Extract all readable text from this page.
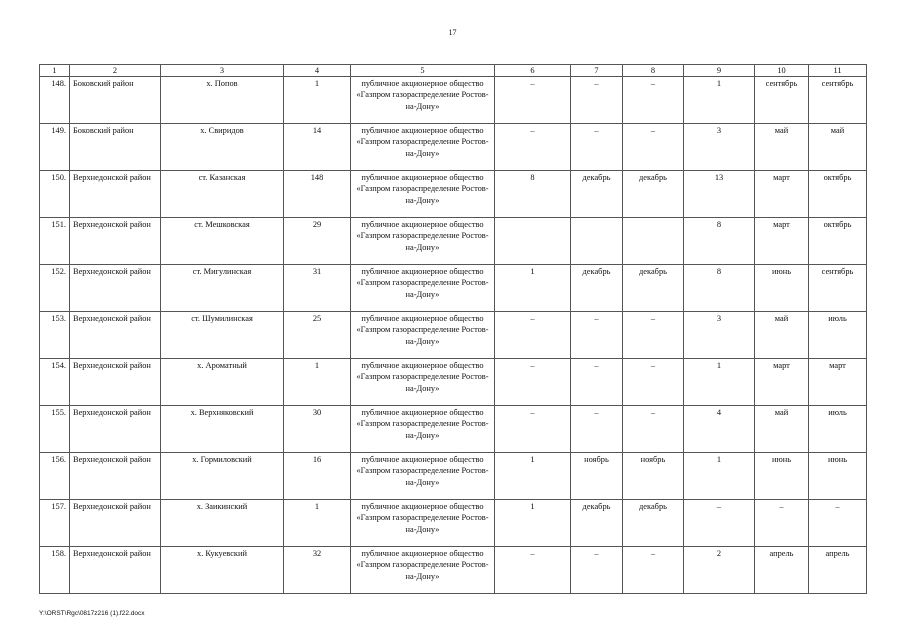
17
1	2	3	4	5	6	7	8	9	10	11
148.	Боковский район	х. Попов	1	публичное акционерное общество «Газпром газораспределение Ростов-на-Дону»	–	–	–	1	сентябрь	сентябрь
149.	Боковский район	х. Свиридов	14	публичное акционерное общество «Газпром газораспределение Ростов-на-Дону»	–	–	–	3	май	май
150.	Верхнедонской район	ст. Казанская	148	публичное акционерное общество «Газпром газораспределение Ростов-на-Дону»	8	декабрь	декабрь	13	март	октябрь
151.	Верхнедонской район	ст. Мешковская	29	публичное акционерное общество «Газпром газораспределение Ростов-на-Дону»				8	март	октябрь
152.	Верхнедонской район	ст. Мигулинская	31	публичное акционерное общество «Газпром газораспределение Ростов-на-Дону»	1	декабрь	декабрь	8	июнь	сентябрь
153.	Верхнедонской район	ст. Шумилинская	25	публичное акционерное общество «Газпром газораспределение Ростов-на-Дону»	–	–	–	3	май	июль
154.	Верхнедонской район	х. Ароматный	1	публичное акционерное общество «Газпром газораспределение Ростов-на-Дону»	–	–	–	1	март	март
155.	Верхнедонской район	х. Верхняковский	30	публичное акционерное общество «Газпром газораспределение Ростов-на-Дону»	–	–	–	4	май	июль
156.	Верхнедонской район	х. Гормиловский	16	публичное акционерное общество «Газпром газораспределение Ростов-на-Дону»	1	ноябрь	ноябрь	1	июнь	июнь
157.	Верхнедонской район	х. Заикинский	1	публичное акционерное общество «Газпром газораспределение Ростов-на-Дону»	1	декабрь	декабрь	–	–	–
158.	Верхнедонской район	х. Кукуевский	32	публичное акционерное общество «Газпром газораспределение Ростов-на-Дону»	–	–	–	2	апрель	апрель
Y:\ORST\Rgc\0817z216 (1).f22.docx
